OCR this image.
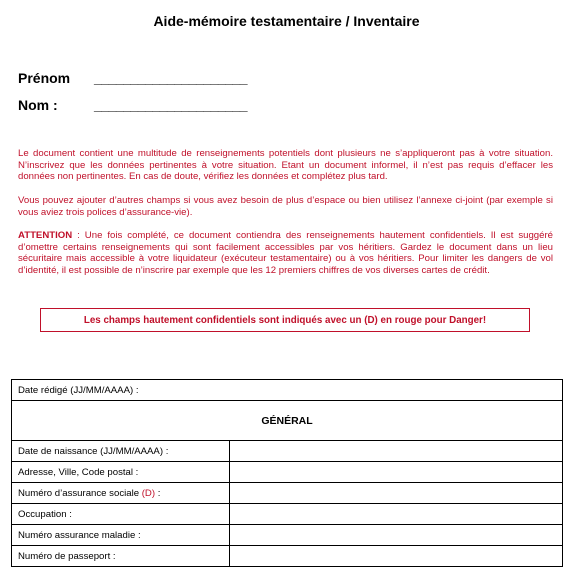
Aide-mémoire testamentaire / Inventaire
Prénom _____________________
Nom :	_____________________

Le document contient une multitude de renseignements potentiels dont plusieurs ne s’appliqueront pas à votre situation. N’inscrivez que les données pertinentes à votre situation. Etant un document informel, il n’est pas requis d’effacer les données non pertinentes. En cas de doute, vérifiez les données et complétez plus tard.

Vous pouvez ajouter d’autres champs si vous avez besoin de plus d’espace ou bien utilisez l’annexe ci-joint (par exemple si vous aviez trois polices d’assurance-vie).

ATTENTION : Une fois complété, ce document contiendra des renseignements hautement confidentiels. Il est suggéré d’omettre certains renseignements qui sont facilement accessibles par vos héritiers. Gardez le document dans un lieu sécuritaire mais accessible à votre liquidateur (exécuteur testamentaire) ou à vos héritiers. Pour limiter les dangers de vol d’identité, il est possible de n’inscrire par exemple que les 12 premiers chiffres de vos diverses cartes de crédit.

Les champs hautement confidentiels sont indiqués avec un (D) en rouge pour Danger!
Date rédigé (JJ/MM/AAAA) :	
GÉNÉRAL	
Date de naissance (JJ/MM/AAAA) :	
Adresse, Ville, Code postal :	
Numéro d’assurance sociale (D) :	
Occupation :	
Numéro assurance maladie :	
Numéro de passeport :	
